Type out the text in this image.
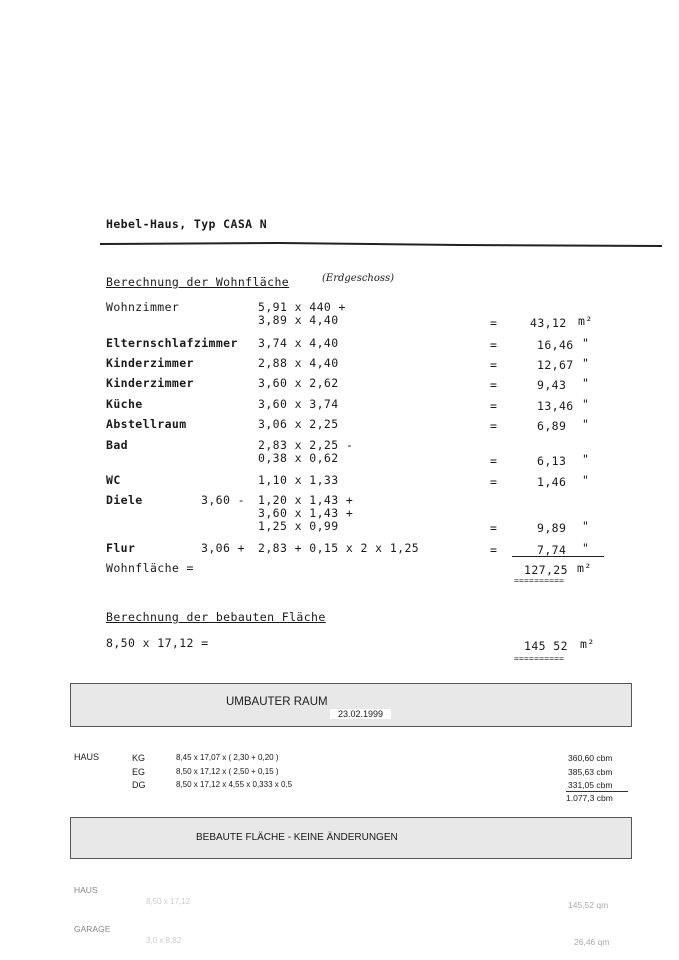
Hebel-Haus, Typ CASA N
Berechnung der Wohnfläche	(Erdgeschoss)
Wohnzimmer	5,91 x 440 +
3,89 x 4,40	=	43,12 m²
Elternschlafzimmer 3,74 x 4,40	=	16,46 "
Kinderzimmer	2,88 x 4,40	=	12,67 "
Kinderzimmer	3,60 x 2,62	=	9,43 "
Küche	3,60 x 3,74	=	13,46 "
Abstellraum	3,06 x 2,25	=	6,89 "
Bad	2,83 x 2,25 -
0,38 x 0,62	=	6,13 "
WC	1,10 x 1,33	=	1,46 "
Diele	3,60 - 1,20 x 1,43 +
3,60 x 1,43 +
1,25 x 0,99	=	9,89 "
Flur	3,06 + 2,83 + 0,15 x 2 x 1,25	=	7,74 "
Wohnfläche =	127,25 m²
==========
Berechnung der bebauten Fläche
8,50 x 17,12 =	145 52 m²
==========
UMBAUTER RAUM
23.02.1999
HAUS	KG	8,45 x 17,07 x ( 2,30 + 0,20 )	360,60 cbm
EG	8,50 x 17,12 x ( 2,50 + 0,15 )	385,63 cbm
DG	8,50 x 17,12 x 4,55 x 0,333 x 0,5	331,05 cbm
1.077,3 cbm
BEBAUTE FLÄCHE - KEINE ÄNDERUNGEN
HAUS
8,50 x 17,12	145,52 qm
GARAGE
3,0 x 8,82	26,46 qm
